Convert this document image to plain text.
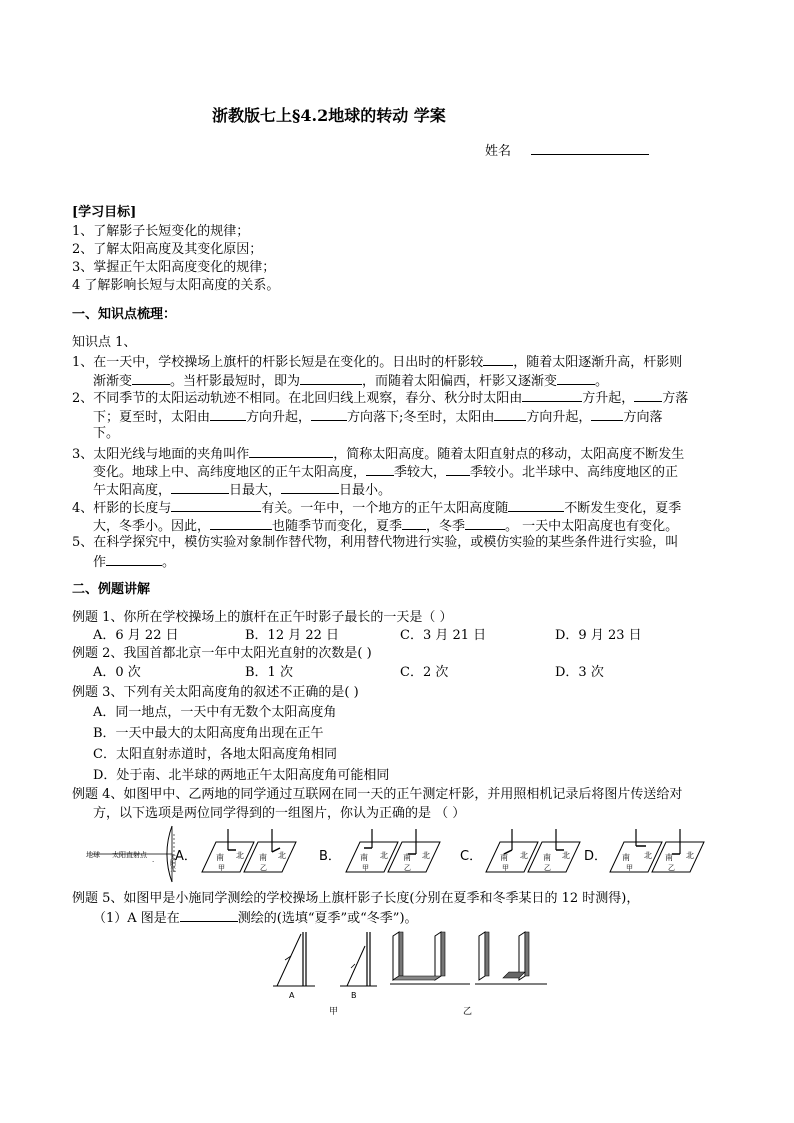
浙教版七上§4.2地球的转动 学案
姓名
[学习目标]
1、了解影子长短变化的规律；
2、了解太阳高度及其变化原因；
3、掌握正午太阳高度变化的规律；
4 了解影响长短与太阳高度的关系。
一、知识点梳理：
知识点 1、
1、在一天中，学校操场上旗杆的杆影长短是在变化的。日出时的杆影较 ，随着太阳逐渐升高，杆影则
渐渐变	。当杆影最短时，即为	，而随着太阳偏西，杆影又逐渐变	。
2、不同季节的太阳运动轨迹不相同。在北回归线上观察，春分、秋分时太阳由	方升起， 方落
下；夏至时，太阳由	方向升起，	方向落下;冬至时，太阳由 方向升起， 方向落
下。
3、太阳光线与地面的夹角叫作	，简称太阳高度。随着太阳直射点的移动，太阳高度不断发生
变化。地球上中、高纬度地区的正午太阳高度， 季较大， 季较小。北半球中、高纬度地区的正
午太阳高度，	日最大，	日最小。
4、杆影的长度与	有关。一年中，一个地方的正午太阳高度随	不断发生变化，夏季
大，冬季小。因此，	也随季节而变化，夏季 ，冬季	。 一天中太阳高度也有变化。
5、在科学探究中，模仿实验对象制作替代物，利用替代物进行实验，或模仿实验的某些条件进行实验，叫
作	。
二、例题讲解
例题 1、你所在学校操场上的旗杆在正午时影子最长的一天是（ ）
A．6 月 22 日	B．12 月 22 日	C．3 月 21 日	D．9 月 23 日
例题 2、我国首都北京一年中太阳光直射的次数是( )
A．0 次	B．1 次	C．2 次	D．3 次
例题 3、下列有关太阳高度角的叙述不正确的是( )
A．同一地点，一天中有无数个太阳高度角
B．一天中最大的太阳高度角出现在正午
C．太阳直射赤道时，各地太阳高度角相同
D．处于南、北半球的两地正午太阳高度角可能相同
例题 4、如图甲中、乙两地的同学通过互联网在同一天的正午测定杆影，并用照相机记录后将图片传送给对
方，以下选项是两位同学得到的一组图片，你认为正确的是 （ ）
地球 太阳直射点
· 太阳光 A． 南 北 南 北
甲	乙
B． 南 北 南 北
甲	乙
C． 南 北 南 北
甲	乙
D． 南 北 南 北
甲	乙
例题 5、如图甲是小施同学测绘的学校操场上旗杆影子长度(分别在夏季和冬季某日的 12 时测得)，
（1）A 图是在	测绘的(选填“夏季”或“冬季”)。
A	B
甲	乙
